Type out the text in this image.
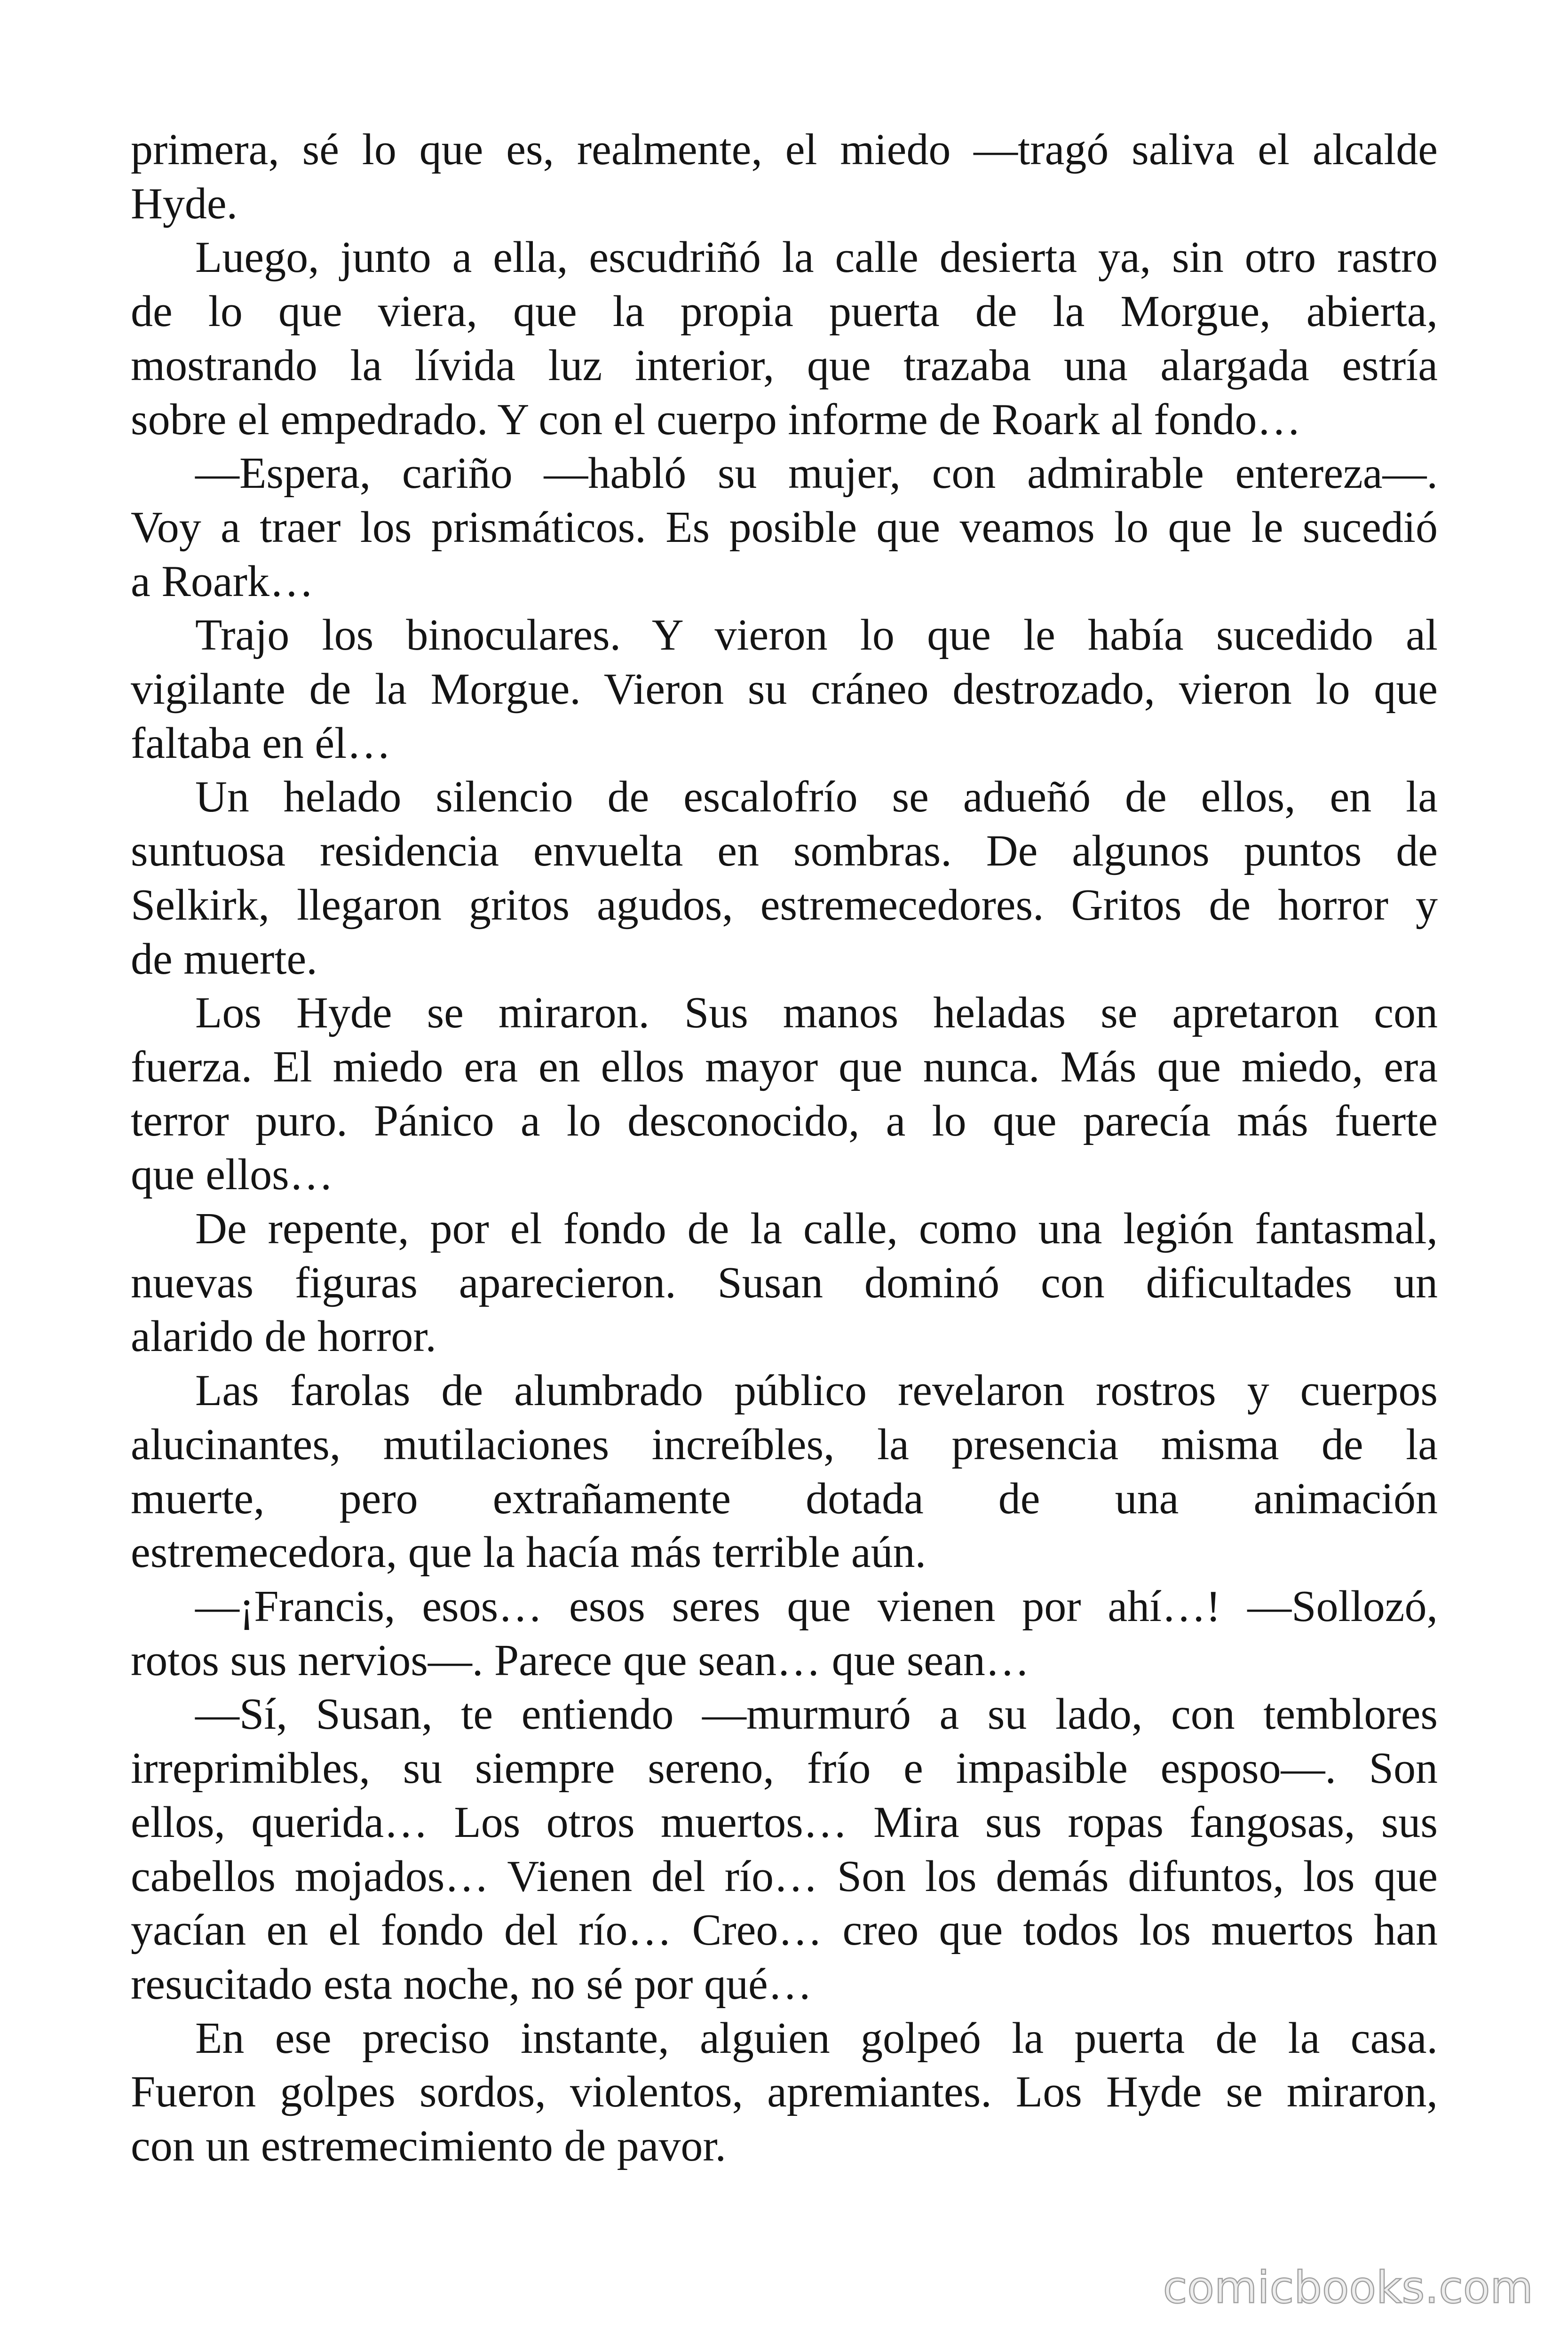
primera, sé lo que es, realmente, el miedo —tragó saliva el alcalde
Hyde.
Luego, junto a ella, escudriñó la calle desierta ya, sin otro rastro
de lo que viera, que la propia puerta de la Morgue, abierta,
mostrando la lívida luz interior, que trazaba una alargada estría
sobre el empedrado. Y con el cuerpo informe de Roark al fondo…
—Espera, cariño —habló su mujer, con admirable entereza—.
Voy a traer los prismáticos. Es posible que veamos lo que le sucedió
a Roark…
Trajo los binoculares. Y vieron lo que le había sucedido al
vigilante de la Morgue. Vieron su cráneo destrozado, vieron lo que
faltaba en él…
Un helado silencio de escalofrío se adueñó de ellos, en la
suntuosa residencia envuelta en sombras. De algunos puntos de
Selkirk, llegaron gritos agudos, estremecedores. Gritos de horror y
de muerte.
Los Hyde se miraron. Sus manos heladas se apretaron con
fuerza. El miedo era en ellos mayor que nunca. Más que miedo, era
terror puro. Pánico a lo desconocido, a lo que parecía más fuerte
que ellos…
De repente, por el fondo de la calle, como una legión fantasmal,
nuevas figuras aparecieron. Susan dominó con dificultades un
alarido de horror.
Las farolas de alumbrado público revelaron rostros y cuerpos
alucinantes, mutilaciones increíbles, la presencia misma de la
muerte, pero extrañamente dotada de una animación
estremecedora, que la hacía más terrible aún.
—¡Francis, esos… esos seres que vienen por ahí…! —Sollozó,
rotos sus nervios—. Parece que sean… que sean…
—Sí, Susan, te entiendo —murmuró a su lado, con temblores
irreprimibles, su siempre sereno, frío e impasible esposo—. Son
ellos, querida… Los otros muertos… Mira sus ropas fangosas, sus
cabellos mojados… Vienen del río… Son los demás difuntos, los que
yacían en el fondo del río… Creo… creo que todos los muertos han
resucitado esta noche, no sé por qué…
En ese preciso instante, alguien golpeó la puerta de la casa.
Fueron golpes sordos, violentos, apremiantes. Los Hyde se miraron,
con un estremecimiento de pavor.
comicbooks.com
